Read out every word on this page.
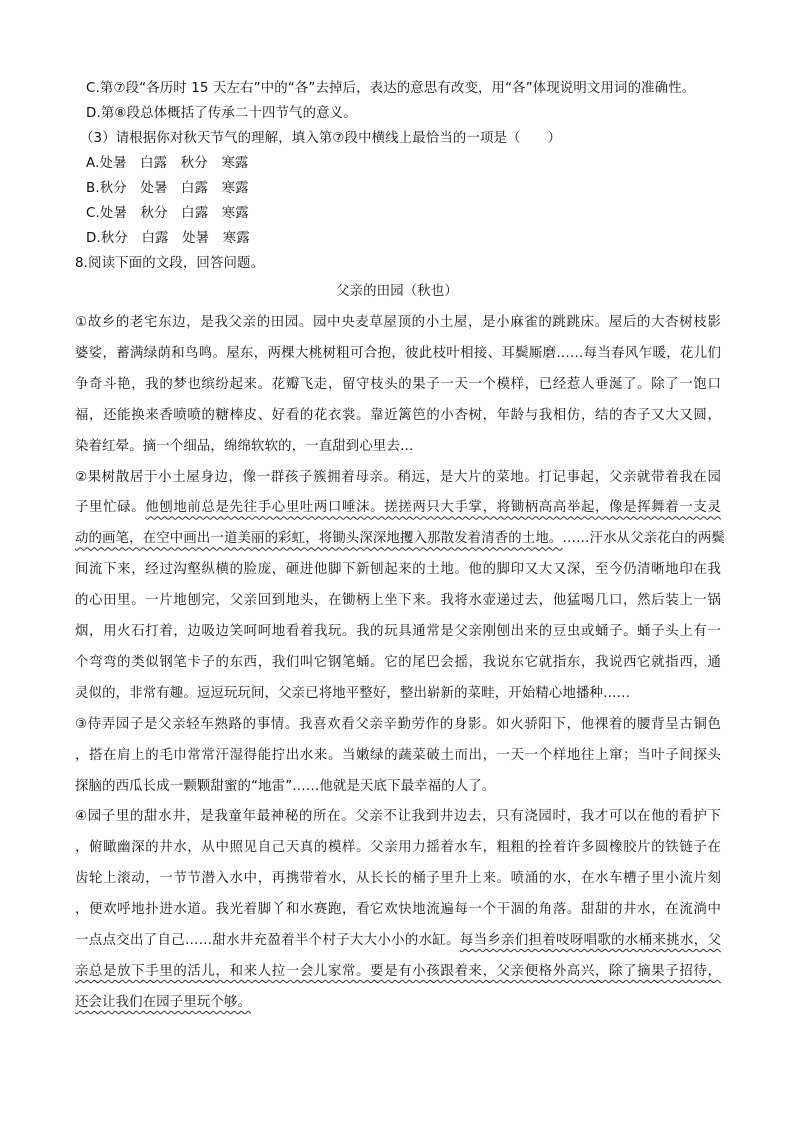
C.第⑦段“各历时 15 天左右”中的“各”去掉后，表达的意思有改变，用“各”体现说明文用词的准确性。
D.第⑧段总体概括了传承二十四节气的意义。
（3）请根据你对秋天节气的理解，填入第⑦段中横线上最恰当的一项是（　　）
A.处暑　白露　秋分　寒露
B.秋分　处暑　白露　寒露
C.处暑　秋分　白露　寒露
D.秋分　白露　处暑　寒露
8.阅读下面的文段，回答问题。
父亲的田园（秋也）
①故乡的老宅东边，是我父亲的田园。园中央麦草屋顶的小土屋，是小麻雀的跳跳床。屋后的大杏树枝影
婆娑，蓄满绿荫和鸟鸣。屋东，两棵大桃树粗可合抱，彼此枝叶相接、耳鬓厮磨……每当春风乍暖，花儿们
争奇斗艳，我的梦也缤纷起来。花瓣飞走，留守枝头的果子一天一个模样，已经惹人垂涎了。除了一饱口
福，还能换来香喷喷的糖棒皮、好看的花衣裳。靠近篱笆的小杏树，年龄与我相仿，结的杏子又大又圆，
染着红晕。摘一个细品，绵绵软软的，一直甜到心里去…
②果树散居于小土屋身边，像一群孩子簇拥着母亲。稍远，是大片的菜地。打记事起，父亲就带着我在园
子里忙碌。他刨地前总是先往手心里吐两口唾沫。搓搓两只大手掌，将锄柄高高举起，像是挥舞着一支灵
动的画笔，在空中画出一道美丽的彩虹，将锄头深深地攫入那散发着清香的土地。……汗水从父亲花白的两鬓
间流下来，经过沟壑纵横的脸庞，砸进他脚下新刨起来的土地。他的脚印又大又深，至今仍清晰地印在我
的心田里。一片地刨完，父亲回到地头，在锄柄上坐下来。我将水壶递过去，他猛喝几口，然后装上一锅
烟，用火石打着，边吸边笑呵呵地看着我玩。我的玩具通常是父亲刚刨出来的豆虫或蛹子。蛹子头上有一
个弯弯的类似钢笔卡子的东西，我们叫它钢笔蛹。它的尾巴会摇，我说东它就指东，我说西它就指西，通
灵似的，非常有趣。逗逗玩玩间，父亲已将地平整好，整出崭新的菜畦，开始精心地播种……
③侍弄园子是父亲轻车熟路的事情。我喜欢看父亲辛勤劳作的身影。如火骄阳下，他裸着的腰背呈古铜色
，搭在肩上的毛巾常常汗湿得能拧出水来。当嫩绿的蔬菜破土而出，一天一个样地往上窜；当叶子间探头
探脑的西瓜长成一颗颗甜蜜的“地雷”……他就是天底下最幸福的人了。
④园子里的甜水井，是我童年最神秘的所在。父亲不让我到井边去，只有浇园时，我才可以在他的看护下
，俯瞰幽深的井水，从中照见自己天真的模样。父亲用力摇着水车，粗粗的拴着许多圆橡胶片的铁链子在
齿轮上滚动，一节节潜入水中，再携带着水，从长长的桶子里升上来。喷涌的水，在水车槽子里小流片刻
，便欢呼地扑进水道。我光着脚丫和水赛跑，看它欢快地流遍每一个干涸的角落。甜甜的井水，在流淌中
一点点交出了自己……甜水井充盈着半个村子大大小小的水缸。每当乡亲们担着吱呀唱歌的水桶来挑水，父
亲总是放下手里的活儿，和来人拉一会儿家常。要是有小孩跟着来，父亲便格外高兴，除了摘果子招待，
还会让我们在园子里玩个够。
